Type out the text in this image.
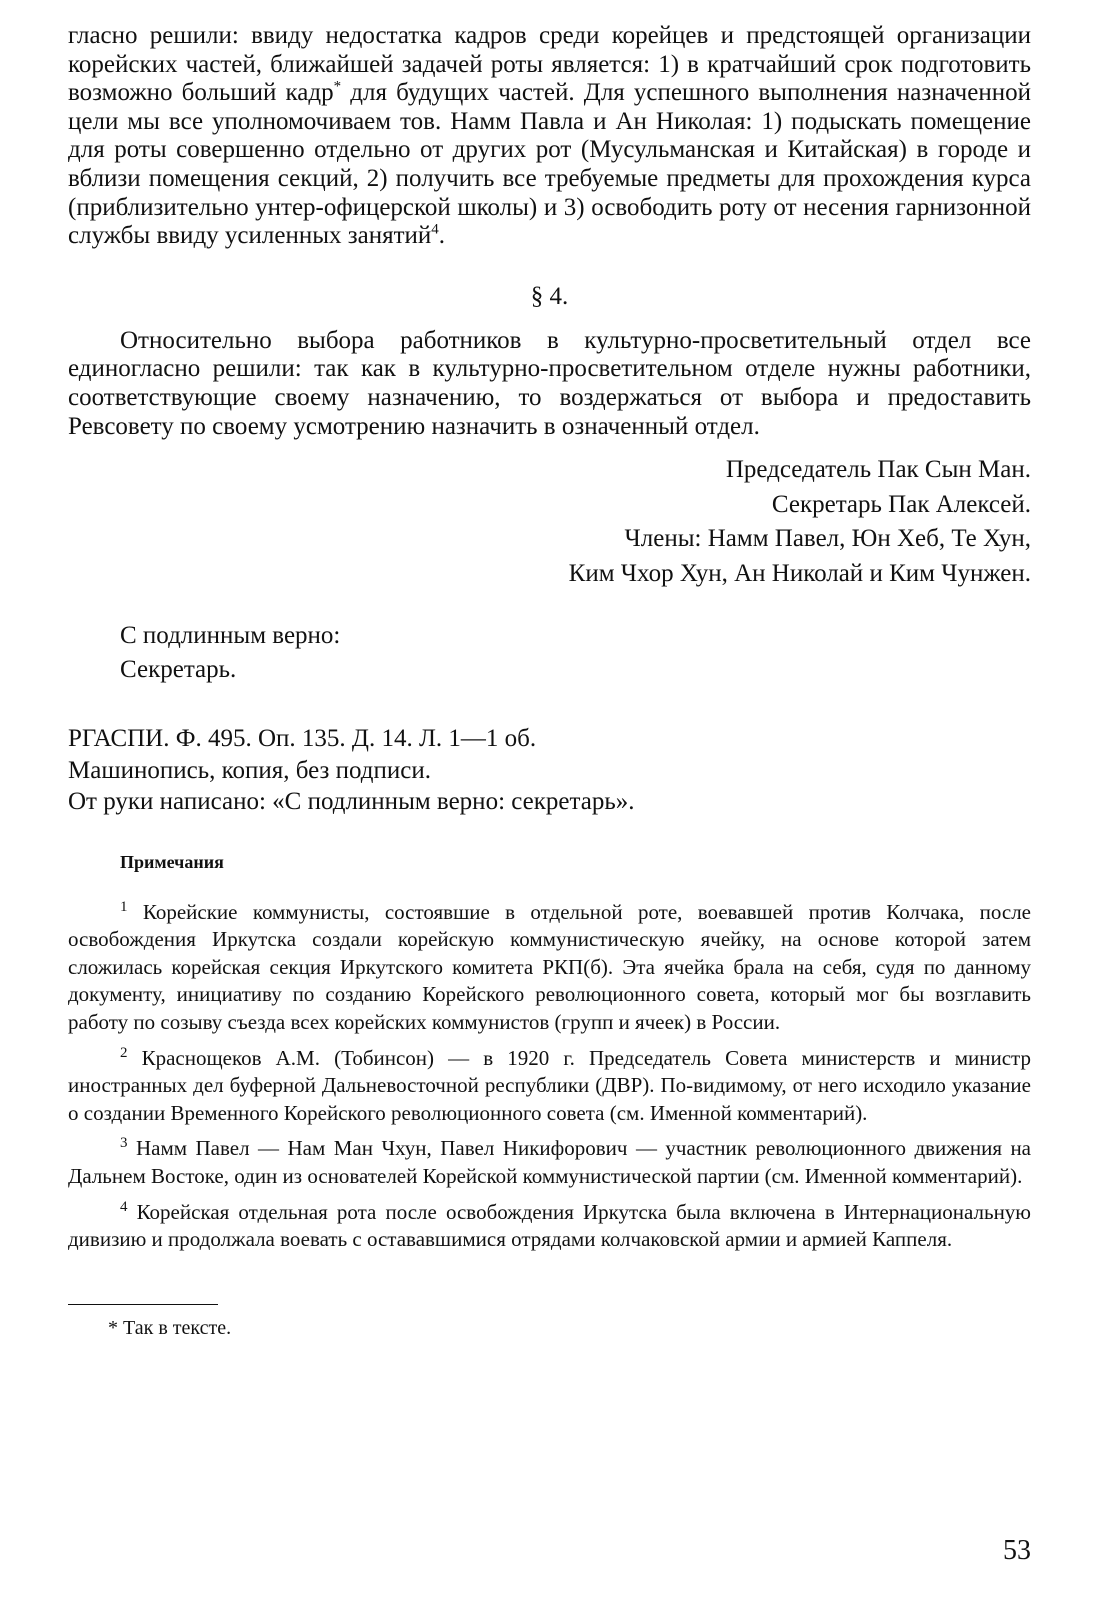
гласно решили: ввиду недостатка кадров среди корейцев и предстоящей организации корейских частей, ближайшей задачей роты является: 1) в кратчайший срок подготовить возможно больший кадр* для будущих частей. Для успешного выполнения назначенной цели мы все уполномочиваем тов. Намм Павла и Ан Николая: 1) подыскать помещение для роты совершенно отдельно от других рот (Мусульманская и Китайская) в городе и вблизи помещения секций, 2) получить все требуемые предметы для прохождения курса (приблизительно унтер-офицерской школы) и 3) освободить роту от несения гарнизонной службы ввиду усиленных занятий$^4$.

§ 4.

Относительно выбора работников в культурно-просветительный отдел все единогласно решили: так как в культурно-просветительном отделе нужны работники, соответствующие своему назначению, то воздержаться от выбора и предоставить Ревсовету по своему усмотрению назначить в означенный отдел.

Председатель Пак Сын Ман.
Секретарь Пак Алексей.
Члены: Намм Павел, Юн Хеб, Те Хун,
Ким Чхор Хун, Ан Николай и Ким Чунжен.
С подлинным верно:
Секретарь.
РГАСПИ. Ф. 495. Оп. 135. Д. 14. Л. 1—1 об.
Машинопись, копия, без подписи.
От руки написано: «С подлинным верно: секретарь».
Примечания

$^1$ Корейские коммунисты, состоявшие в отдельной роте, воевавшей против Колчака, после освобождения Иркутска создали корейскую коммунистическую ячейку, на основе которой затем сложилась корейская секция Иркутского комитета РКП(б). Эта ячейка брала на себя, судя по данному документу, инициативу по созданию Корейского революционного совета, который мог бы возглавить работу по созыву съезда всех корейских коммунистов (групп и ячеек) в России.

$^2$ Краснощеков А.М. (Тобинсон) — в 1920 г. Председатель Совета министерств и министр иностранных дел буферной Дальневосточной республики (ДВР). По-видимому, от него исходило указание о создании Временного Корейского революционного совета (см. Именной комментарий).

$^3$ Намм Павел — Нам Ман Чхун, Павел Никифорович — участник революционного движения на Дальнем Востоке, один из основателей Корейской коммунистической партии (см. Именной комментарий).

$^4$ Корейская отдельная рота после освобождения Иркутска была включена в Интернациональную дивизию и продолжала воевать с остававшимися отрядами колчаковской армии и армией Каппеля.

* Так в тексте.
53
